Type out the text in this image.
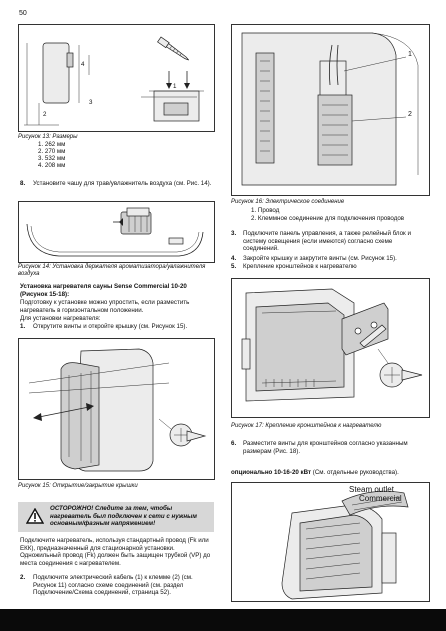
50
4
3
2
1
Рисунок 13: Размеры
1. 262 мм
2. 270 мм
3. 532 мм
4. 208 мм
8. Установите чашу для трав/увлажнитель воздуха (см. Рис. 14).
Рисунок 14: Установка держателя ароматизатора/увлажнителя воздуха
Установка нагревателя сауны Sense Commercial 10-20 (Рисунок 15-18):
Подготовку к установке можно упростить, если разместить нагреватель в горизонтальном положении.
Для установки нагревателя:
1. Открутите винты и откройте крышку (см. Рисунок 15).
Рисунок 15: Открытие/закрытие крышки
ОСТОРОЖНО! Следите за тем, чтобы нагреватель был подключен к сети с нужным основным/фазным напряжением!
Подключите нагреватель, используя стандартный провод (Fk или ЕКК), предназначенный для стационарной установки. Одножильный провод (Fk) должен быть защищен трубкой (VP) до места соединения с нагревателем.
2. Подключите электрический кабель (1) к клемме (2) (см. Рисунок 11) согласно схеме соединений (см. раздел Подключение/Схема соединений, страница 52).
1
2
Рисунок 16: Электрическое соединение
1. Провод
2. Клеммное соединение для подключения проводов
3. Подключите панель управления, а также релейный блок и систему освещения (если имеются) согласно схеме соединений.
4. Закройте крышку и закрутите винты (см. Рисунок 15).
5. Крепление кронштейнов к нагревателю
Рисунок 17: Крепление кронштейнов к нагревателю
6. Разместите винты для кронштейнов согласно указанным размерам (Рис. 18).
опционально 10-16-20 кВт (См. отдельные руководства).
Steam outlet
Commercial
